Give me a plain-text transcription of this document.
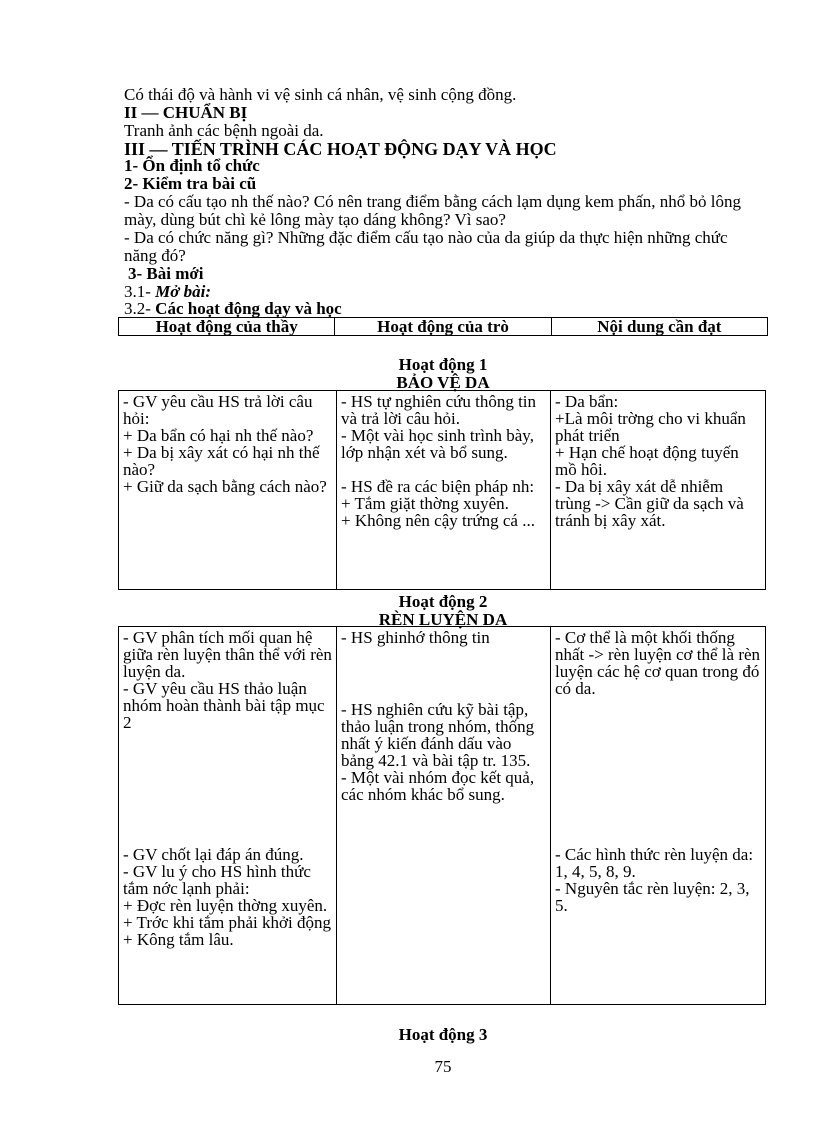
Có thái độ và hành vi vệ sinh cá nhân, vệ sinh cộng đồng.
II — CHUẨN BỊ
Tranh ảnh các bệnh ngoài da.
III — TIẾN TRÌNH CÁC HOẠT ĐỘNG DẠY VÀ HỌC
1- Ổn định tổ chức
2- Kiểm tra bài cũ
- Da có cấu tạo nh thế nào? Có nên trang điểm bằng cách lạm dụng kem phấn, nhổ bỏ lông mày, dùng bút chì kẻ lông mày tạo dáng không? Vì sao?
- Da có chức năng gì? Những đặc điểm cấu tạo nào của da giúp da thực hiện những chức năng đó?
3- Bài mới
3.1- Mở bài:
3.2- Các hoạt động dạy và học
Hoạt động của thầy	Hoạt động của trò	Nội dung cần đạt
Hoạt động 1
BẢO VỆ DA

- GV yêu cầu HS trả lời câu hỏi:

+ Da bẩn có hại nh thế nào?

+ Da bị xây xát có hại nh thế nào?

+ Giữ da sạch bằng cách nào?

- HS tự nghiên cứu thông tin và trả lời câu hỏi.

- Một vài học sinh trình bày, lớp nhận xét và bổ sung.

- HS đề ra các biện pháp nh:

+ Tắm giặt thờng xuyên.

+ Không nên cậy trứng cá ...

- Da bẩn:

+Là môi trờng cho vi khuẩn phát triển

+ Hạn chế hoạt động tuyến mồ hôi.

- Da bị xây xát dễ nhiễm trùng -> Cần giữ da sạch và tránh bị xây xát.

Hoạt động 2
RÈN LUYỆN DA

- GV phân tích mối quan hệ giữa rèn luyện thân thể với rèn luyện da.

- GV yêu cầu HS thảo luận nhóm hoàn thành bài tập mục 2

- GV chốt lại đáp án đúng.

- GV lu ý cho HS hình thức tắm nớc lạnh phải:

+ Đợc rèn luyện thờng xuyên.

+ Trớc khi tắm phải khởi động

+ Kông tắm lâu.

- HS ghinhớ thông tin

- HS nghiên cứu kỹ bài tập, thảo luận trong nhóm, thống nhất ý kiến đánh dấu vào bảng 42.1 và bài tập tr. 135.

- Một vài nhóm đọc kết quả, các nhóm khác bổ sung.

- Cơ thể là một khối thống nhất -> rèn luyện cơ thể là rèn luyện các hệ cơ quan trong đó có da.

- Các hình thức rèn luyện da: 1, 4, 5, 8, 9.

- Nguyên tắc rèn luyện: 2, 3, 5.

Hoạt động 3
75
